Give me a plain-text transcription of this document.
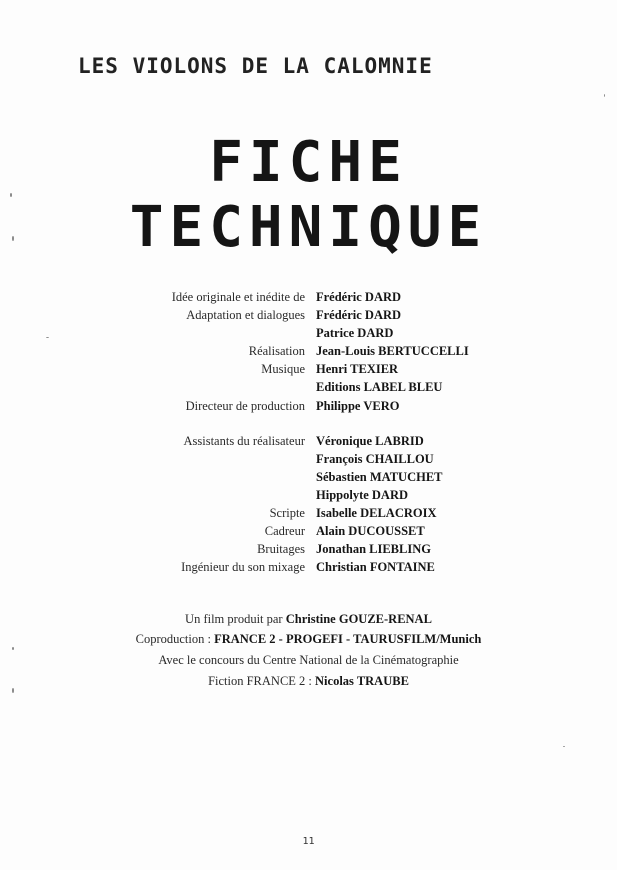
LES VIOLONS DE LA CALOMNIE
FICHE
TECHNIQUE
Idée originale et inédite de Frédéric DARD
Adaptation et dialogues Frédéric DARD
Patrice DARD
Réalisation Jean-Louis BERTUCCELLI
Musique Henri TEXIER
Editions LABEL BLEU
Directeur de production Philippe VERO
Assistants du réalisateur Véronique LABRID
François CHAILLOU
Sébastien MATUCHET
Hippolyte DARD
Scripte Isabelle DELACROIX
Cadreur Alain DUCOUSSET
Bruitages Jonathan LIEBLING
Ingénieur du son mixage Christian FONTAINE
Un film produit par Christine GOUZE-RENAL
Coproduction : FRANCE 2 - PROGEFI - TAURUSFILM/Munich
Avec le concours du Centre National de la Cinématographie
Fiction FRANCE 2 : Nicolas TRAUBE
11
